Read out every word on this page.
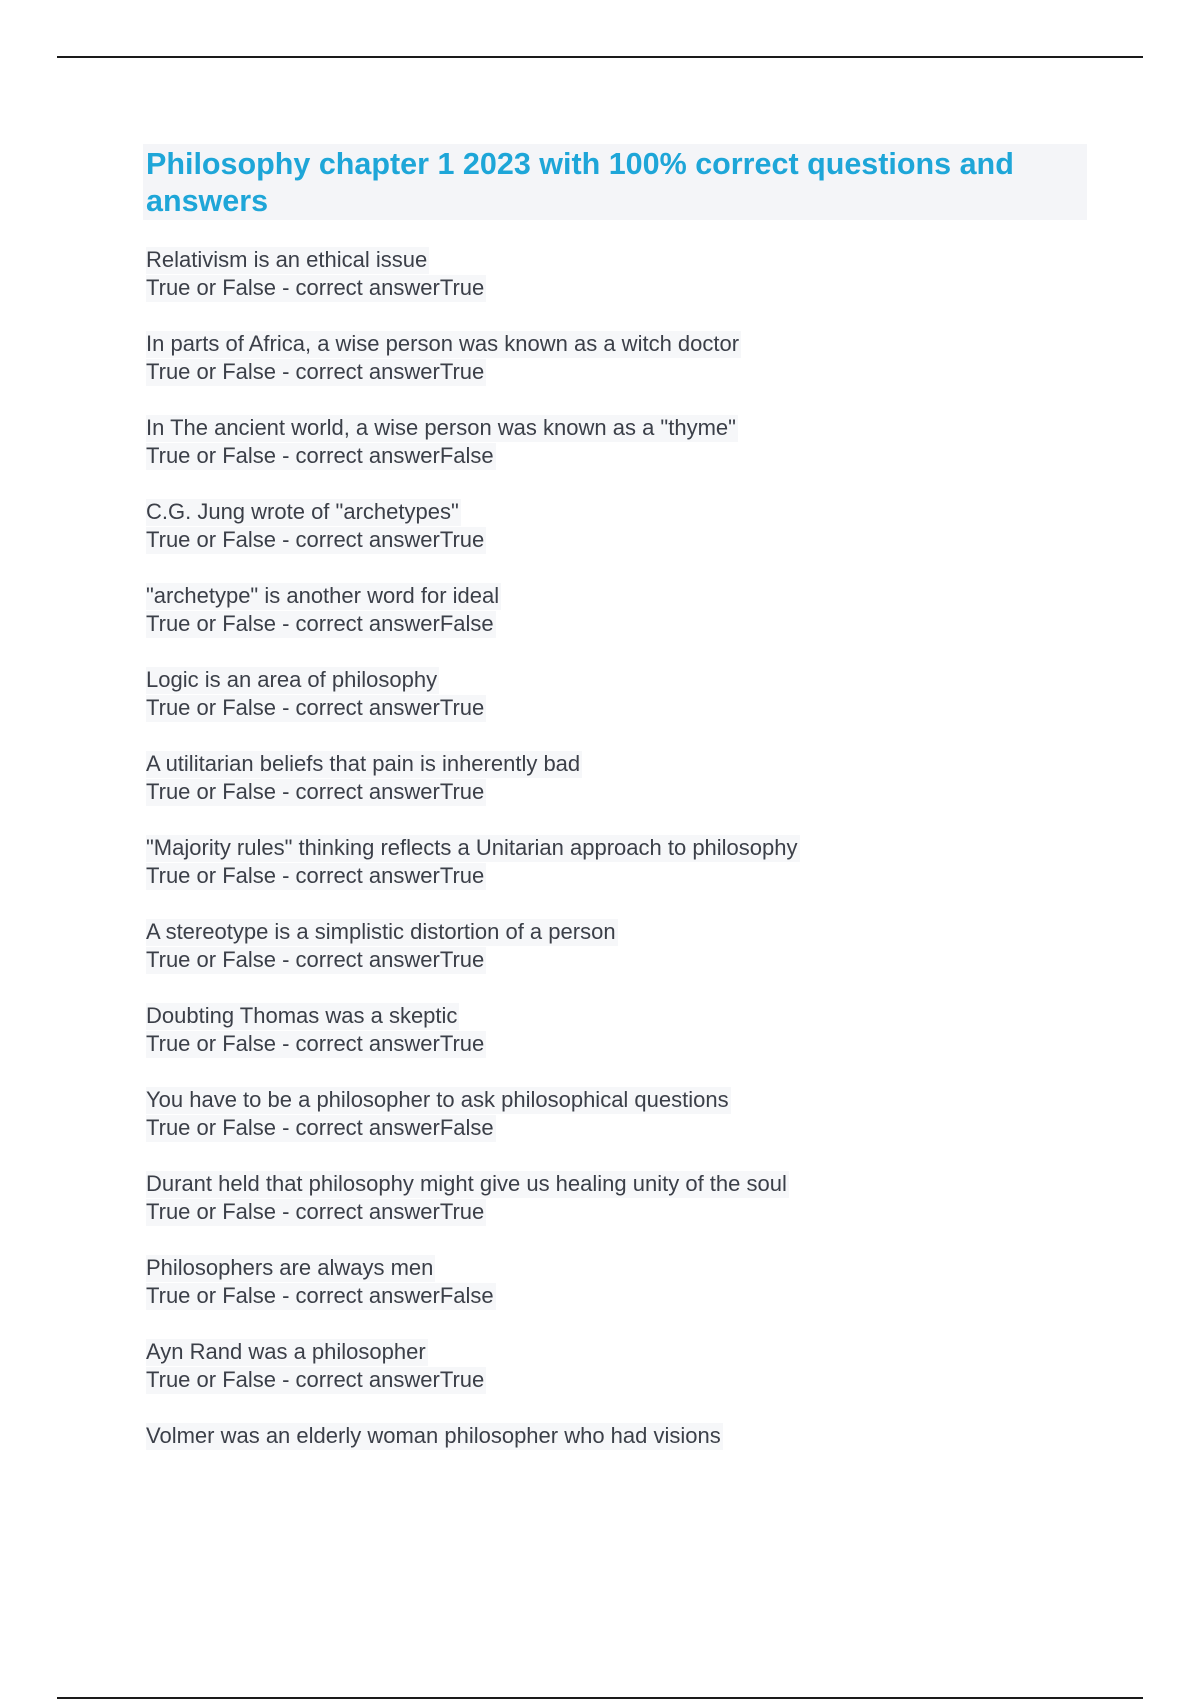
Philosophy chapter 1 2023 with 100% correct questions and answers
Relativism is an ethical issue
True or False - correct answerTrue
In parts of Africa, a wise person was known as a witch doctor
True or False - correct answerTrue
In The ancient world, a wise person was known as a "thyme"
True or False - correct answerFalse
C.G. Jung wrote of "archetypes"
True or False - correct answerTrue
"archetype" is another word for ideal
True or False - correct answerFalse
Logic is an area of philosophy
True or False - correct answerTrue
A utilitarian beliefs that pain is inherently bad
True or False - correct answerTrue
"Majority rules" thinking reflects a Unitarian approach to philosophy
True or False - correct answerTrue
A stereotype is a simplistic distortion of a person
True or False - correct answerTrue
Doubting Thomas was a skeptic
True or False - correct answerTrue
You have to be a philosopher to ask philosophical questions
True or False - correct answerFalse
Durant held that philosophy might give us healing unity of the soul
True or False - correct answerTrue
Philosophers are always men
True or False - correct answerFalse
Ayn Rand was a philosopher
True or False - correct answerTrue
Volmer was an elderly woman philosopher who had visions
